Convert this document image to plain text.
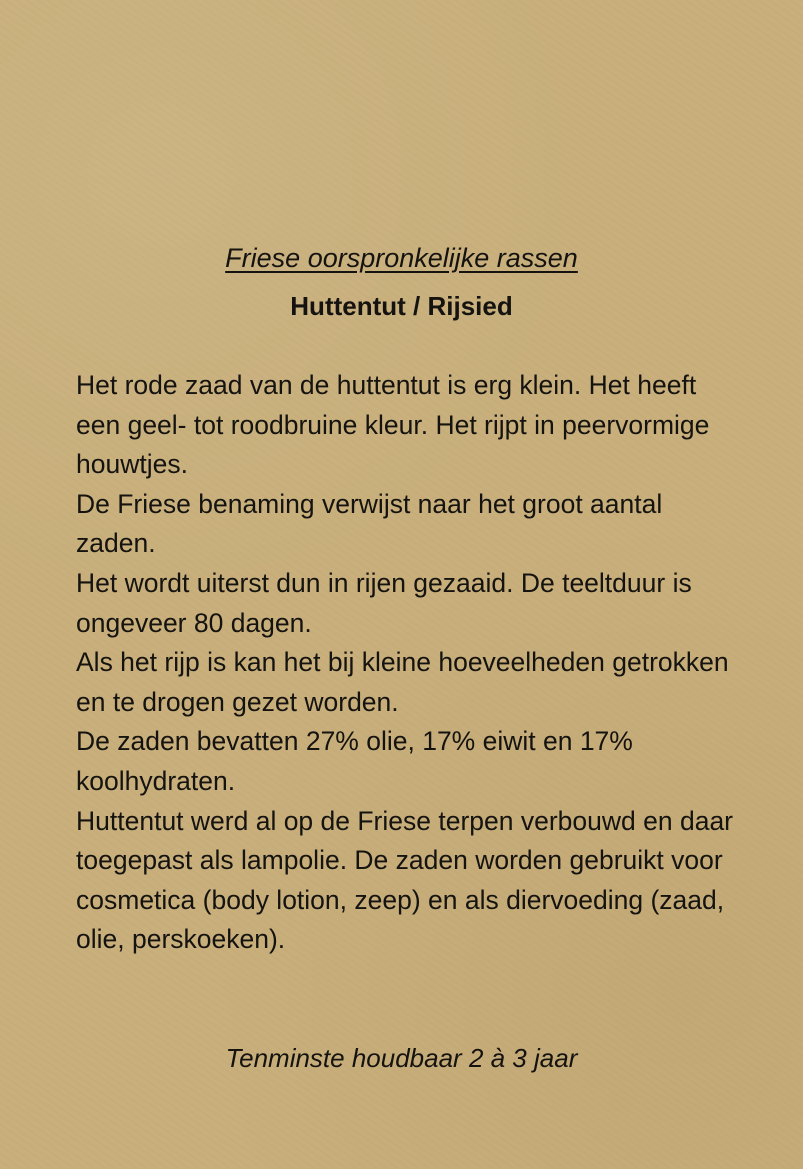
Friese oorspronkelijke rassen
Huttentut / Rijsied

Het rode zaad van de huttentut is erg klein. Het heeft een geel- tot roodbruine kleur. Het rijpt in peervormige houwtjes.

De Friese benaming verwijst naar het groot aantal zaden.

Het wordt uiterst dun in rijen gezaaid. De teeltduur is ongeveer 80 dagen.

Als het rijp is kan het bij kleine hoeveelheden getrokken en te drogen gezet worden.

De zaden bevatten 27% olie, 17% eiwit en 17% koolhydraten.

Huttentut werd al op de Friese terpen verbouwd en daar toegepast als lampolie. De zaden worden gebruikt voor cosmetica (body lotion, zeep) en als diervoeding (zaad, olie, perskoeken).

Tenminste houdbaar 2 à 3 jaar
